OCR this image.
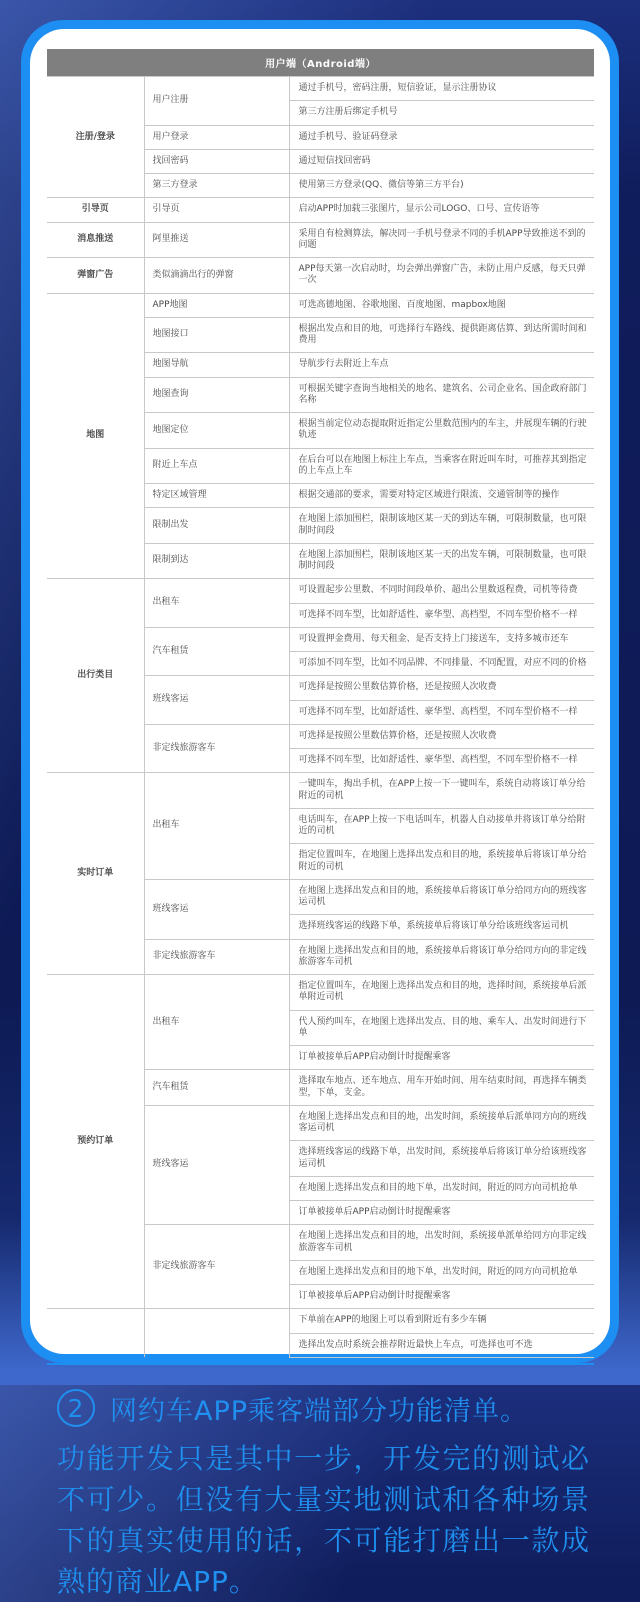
用户端（Android端）		
注册/登录	用户注册	通过手机号，密码注册，短信验证，显示注册协议
		第三方注册后绑定手机号
	用户登录	通过手机号、验证码登录
	找回密码	通过短信找回密码
	第三方登录	使用第三方登录(QQ、微信等第三方平台)
引导页	引导页	启动APP时加载三张图片，显示公司LOGO、口号、宣传语等
消息推送	阿里推送	采用自有检测算法，解决同一手机号登录不同的手机APP导致推送不到的问题
弹窗广告	类似滴滴出行的弹窗	APP每天第一次启动时，均会弹出弹窗广告，未防止用户反感，每天只弹一次
地图	APP地图	可选高德地图、谷歌地图、百度地图、mapbox地图
	地图接口	根据出发点和目的地，可选择行车路线、提供距离估算、到达所需时间和费用
	地图导航	导航步行去附近上车点
	地图查询	可根据关键字查询当地相关的地名、建筑名、公司企业名、国企政府部门名称
	地图定位	根据当前定位动态提取附近指定公里数范围内的车主，并展现车辆的行驶轨迹
	附近上车点	在后台可以在地图上标注上车点，当乘客在附近叫车时，可推荐其到指定的上车点上车
	特定区域管理	根据交通部的要求，需要对特定区域进行限流、交通管制等的操作
	限制出发	在地图上添加围栏，限制该地区某一天的到达车辆，可限制数量，也可限制时间段
	限制到达	在地图上添加围栏，限制该地区某一天的出发车辆，可限制数量，也可限制时间段
出行类目	出租车	可设置起步公里数、不同时间段单价、超出公里数返程费，司机等待费
		可选择不同车型，比如舒适性、豪华型、高档型，不同车型价格不一样
	汽车租赁	可设置押金费用、每天租金、是否支持上门接送车，支持多城市还车
		可添加不同车型，比如不同品牌、不同排量、不同配置，对应不同的价格
	班线客运	可选择是按照公里数估算价格，还是按照人次收费
		可选择不同车型，比如舒适性、豪华型、高档型，不同车型价格不一样
	非定线旅游客车	可选择是按照公里数估算价格，还是按照人次收费
		可选择不同车型，比如舒适性、豪华型、高档型，不同车型价格不一样
实时订单	出租车	一键叫车，掏出手机，在APP上按一下一键叫车，系统自动将该订单分给附近的司机
		电话叫车，在APP上按一下电话叫车，机器人自动接单并将该订单分给附近的司机
		指定位置叫车，在地图上选择出发点和目的地，系统接单后将该订单分给附近的司机
	班线客运	在地图上选择出发点和目的地，系统接单后将该订单分给同方向的班线客运司机
		选择班线客运的线路下单，系统接单后将该订单分给该班线客运司机
	非定线旅游客车	在地图上选择出发点和目的地，系统接单后将该订单分给同方向的非定线旅游客车司机
预约订单	出租车	指定位置叫车，在地图上选择出发点和目的地，选择时间，系统接单后派单附近司机
		代人预约叫车，在地图上选择出发点、目的地、乘车人、出发时间进行下单
		订单被接单后APP启动倒计时提醒乘客
	汽车租赁	选择取车地点、还车地点、用车开始时间、用车结束时间，再选择车辆类型，下单，支金。
	班线客运	在地图上选择出发点和目的地，出发时间，系统接单后派单同方向的班线客运司机
		选择班线客运的线路下单，出发时间，系统接单后将该订单分给该班线客运司机
		在地图上选择出发点和目的地下单，出发时间，附近的同方向司机抢单
		订单被接单后APP启动倒计时提醒乘客
	非定线旅游客车	在地图上选择出发点和目的地，出发时间，系统接单派单给同方向非定线旅游客车司机
		在地图上选择出发点和目的地下单，出发时间，附近的同方向司机抢单
		订单被接单后APP启动倒计时提醒乘客
		下单前在APP的地图上可以看到附近有多少车辆
		选择出发点时系统会推荐附近最快上车点，可选择也可不选
2 网约车APP乘客端部分功能清单。
功能开发只是其中一步，开发完的测试必不可少。但没有大量实地测试和各种场景下的真实使用的话，不可能打磨出一款成熟的商业APP。
